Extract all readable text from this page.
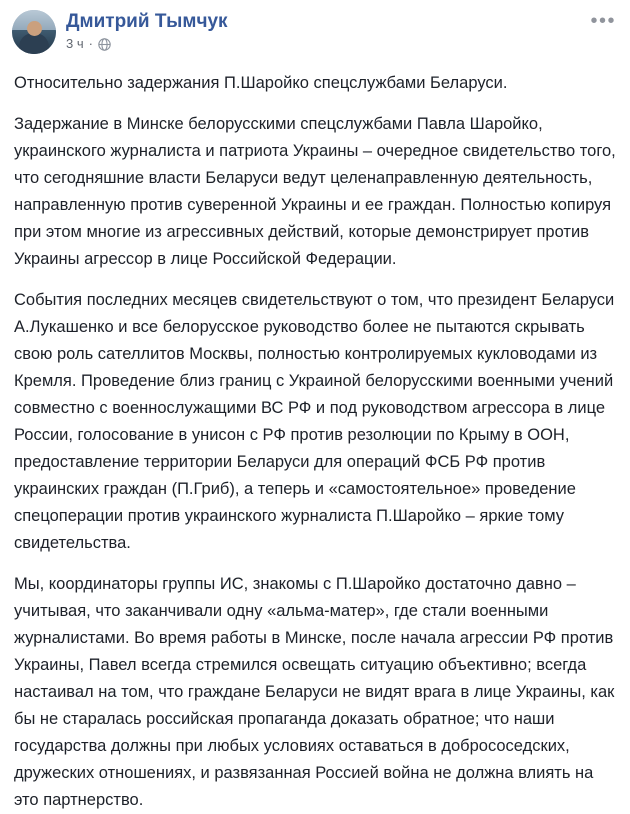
Дмитрий Тымчук
3 ч ·
•••

Относительно задержания П.Шаройко спецслужбами Беларуси.

Задержание в Минске белорусскими спецслужбами Павла Шаройко, украинского журналиста и патриота Украины – очередное свидетельство того, что сегодняшние власти Беларуси ведут целенаправленную деятельность, направленную против суверенной Украины и ее граждан. Полностью копируя при этом многие из агрессивных действий, которые демонстрирует против Украины агрессор в лице Российской Федерации.

События последних месяцев свидетельствуют о том, что президент Беларуси А.Лукашенко и все белорусское руководство более не пытаются скрывать свою роль сателлитов Москвы, полностью контролируемых кукловодами из Кремля. Проведение близ границ с Украиной белорусскими военными учений совместно с военнослужащими ВС РФ и под руководством агрессора в лице России, голосование в унисон с РФ против резолюции по Крыму в ООН, предоставление территории Беларуси для операций ФСБ РФ против украинских граждан (П.Гриб), а теперь и «самостоятельное» проведение спецоперации против украинского журналиста П.Шаройко – яркие тому свидетельства.

Мы, координаторы группы ИС, знакомы с П.Шаройко достаточно давно – учитывая, что заканчивали одну «альма-матер», где стали военными журналистами. Во время работы в Минске, после начала агрессии РФ против Украины, Павел всегда стремился освещать ситуацию объективно; всегда настаивал на том, что граждане Беларуси не видят врага в лице Украины, как бы не старалась российская пропаганда доказать обратное; что наши государства должны при любых условиях оставаться в добрососедских, дружеских отношениях, и развязанная Россией война не должна влиять на это партнерство.
